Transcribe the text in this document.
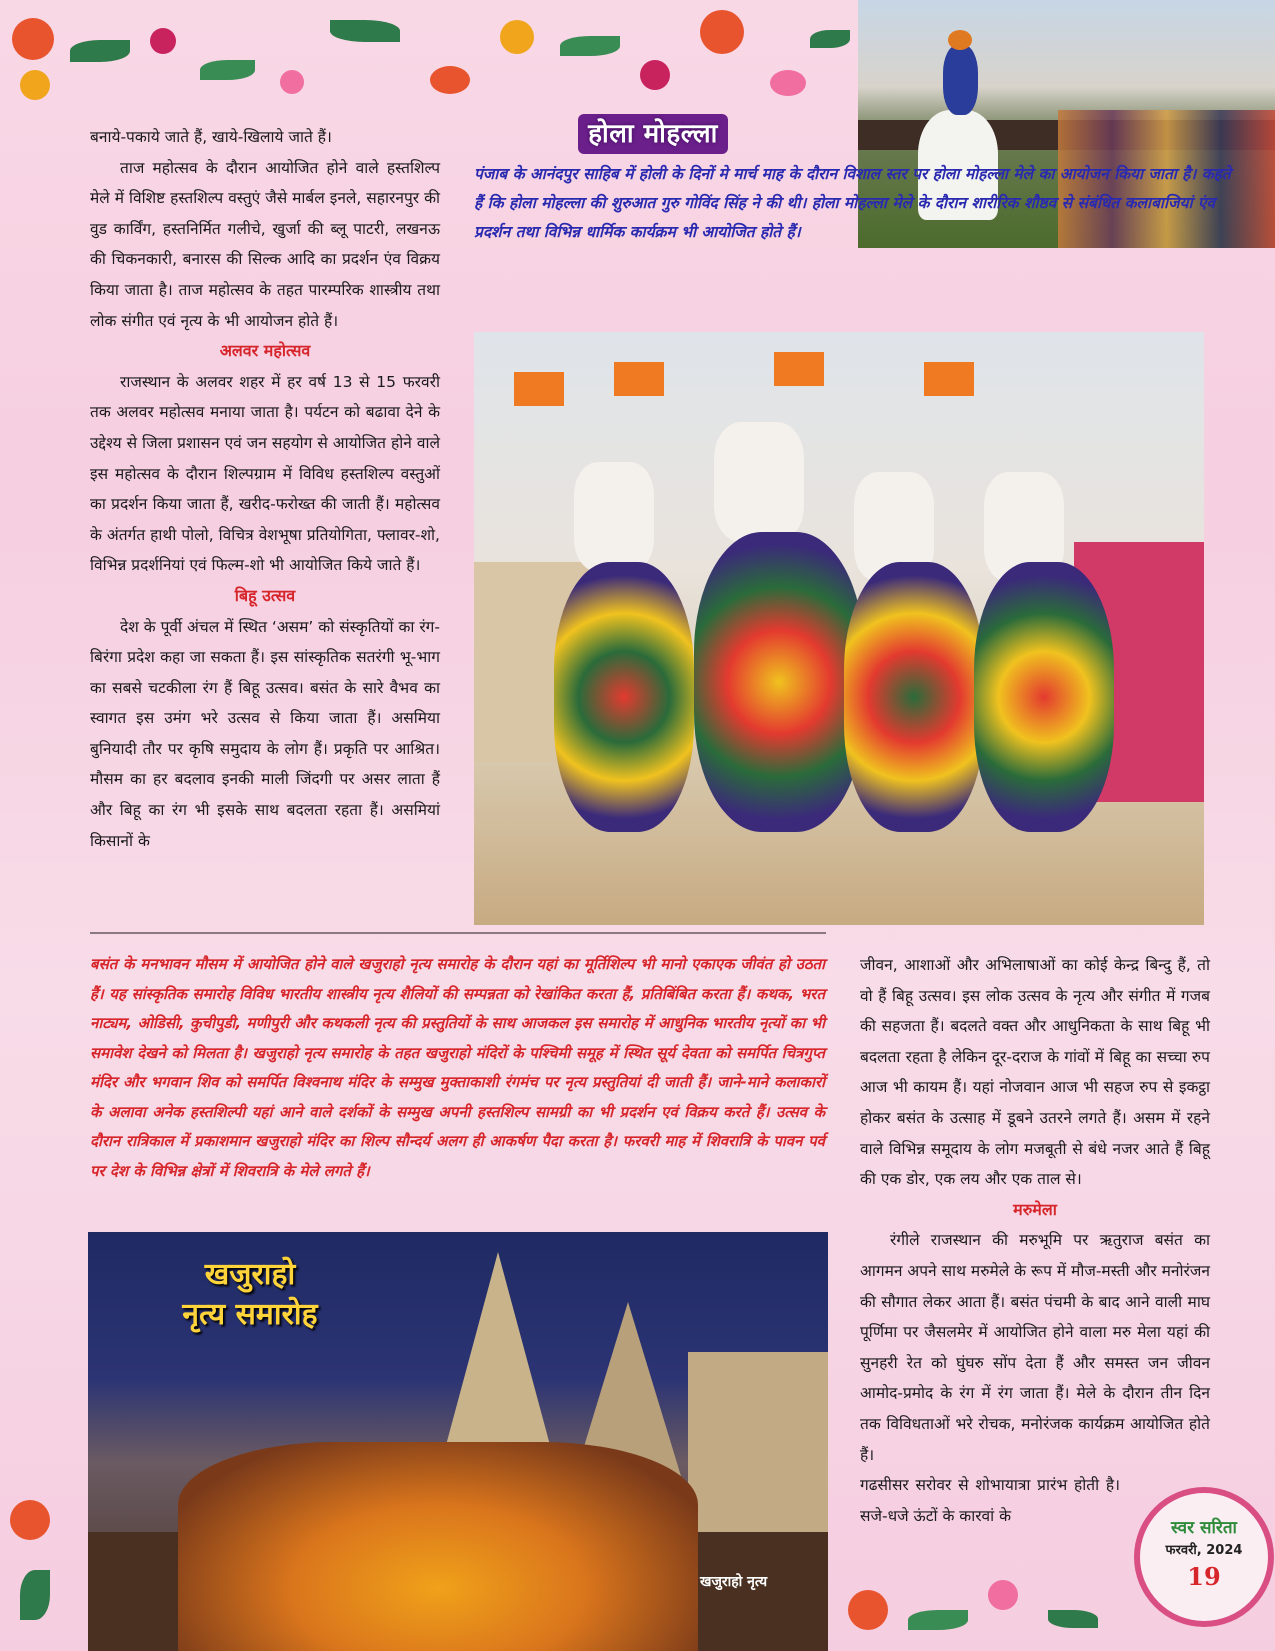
होला मोहल्ला
पंजाब के आनंदपुर साहिब में होली के दिनों मे मार्च माह के दौरान विशाल स्तर पर होला मोहल्ला मेले का आयोजन किया जाता है। कहते हैं कि होला मोहल्ला की शुरुआत गुरु गोविंद सिंह ने की थी। होला मोहल्ला मेले के दौरान शारीरिक शौष्ठव से संबंधित कलाबाजियां एंव प्रदर्शन तथा विभिन्न धार्मिक कार्यक्रम भी आयोजित होते हैं।

बनाये-पकाये जाते हैं, खाये-खिलाये जाते हैं।

ताज महोत्सव के दौरान आयोजित होने वाले हस्तशिल्प मेले में विशिष्ट हस्तशिल्प वस्तुएं जैसे मार्बल इनले, सहारनपुर की वुड कार्विंग, हस्तनिर्मित गलीचे, खुर्जा की ब्लू पाटरी, लखनऊ की चिकनकारी, बनारस की सिल्क आदि का प्रदर्शन एंव विक्रय किया जाता है। ताज महोत्सव के तहत पारम्परिक शास्त्रीय तथा लोक संगीत एवं नृत्य के भी आयोजन होते हैं।

अलवर महोत्सव

राजस्थान के अलवर शहर में हर वर्ष 13 से 15 फरवरी तक अलवर महोत्सव मनाया जाता है। पर्यटन को बढावा देने के उद्देश्य से जिला प्रशासन एवं जन सहयोग से आयोजित होने वाले इस महोत्सव के दौरान शिल्पग्राम में विविध हस्तशिल्प वस्तुओं का प्रदर्शन किया जाता हैं, खरीद-फरोख्त की जाती हैं। महोत्सव के अंतर्गत हाथी पोलो, विचित्र वेशभूषा प्रतियोगिता, फ्लावर-शो, विभिन्न प्रदर्शनियां एवं फिल्म-शो भी आयोजित किये जाते हैं।

बिहू उत्सव

देश के पूर्वी अंचल में स्थित ‘असम’ को संस्कृतियों का रंग-बिरंगा प्रदेश कहा जा सकता हैं। इस सांस्कृतिक सतरंगी भू-भाग का सबसे चटकीला रंग हैं बिहू उत्सव। बसंत के सारे वैभव का स्वागत इस उमंग भरे उत्सव से किया जाता हैं। असमिया बुनियादी तौर पर कृषि समुदाय के लोग हैं। प्रकृति पर आश्रित। मौसम का हर बदलाव इनकी माली जिंदगी पर असर लाता हैं और बिहू का रंग भी इसके साथ बदलता रहता हैं। असमियां किसानों के

बसंत के मनभावन मौसम में आयोजित होने वाले खजुराहो नृत्य समारोह के दौरान यहां का मूर्तिशिल्प भी मानो एकाएक जीवंत हो उठता हैं। यह सांस्कृतिक समारोह विविध भारतीय शास्त्रीय नृत्य शैलियों की सम्पन्नता को रेखांकित करता हैं, प्रतिबिंबित करता हैं। कथक, भरत नाट्यम, ओडिसी, कुचीपुडी, मणीपुरी और कथकली नृत्य की प्रस्तुतियों के साथ आजकल इस समारोह में आधुनिक भारतीय नृत्यों का भी समावेश देखने को मिलता है। खजुराहो नृत्य समारोह के तहत खजुराहो मंदिरों के पश्चिमी समूह में स्थित सूर्य देवता को समर्पित चित्रगुप्त मंदिर और भगवान शिव को समर्पित विश्वनाथ मंदिर के सम्मुख मुक्ताकाशी रंगमंच पर नृत्य प्रस्तुतियां दी जाती हैं। जाने-माने कलाकारों के अलावा अनेक हस्तशिल्पी यहां आने वाले दर्शकों के सम्मुख अपनी हस्तशिल्प सामग्री का भी प्रदर्शन एवं विक्रय करते हैं। उत्सव के दौरान रात्रिकाल में प्रकाशमान खजुराहो मंदिर का शिल्प सौन्दर्य अलग ही आकर्षण पैदा करता है। फरवरी माह में शिवरात्रि के पावन पर्व पर देश के विभिन्न क्षेत्रों में शिवरात्रि के मेले लगते हैं।
खजुराहो
नृत्य समारोह
खजुराहो नृत्य

जीवन, आशाओं और अभिलाषाओं का कोई केन्द्र बिन्दु हैं, तो वो हैं बिहू उत्सव। इस लोक उत्सव के नृत्य और संगीत में गजब की सहजता हैं। बदलते वक्त और आधुनिकता के साथ बिहू भी बदलता रहता है लेकिन दूर-दराज के गांवों में बिहू का सच्चा रुप आज भी कायम हैं। यहां नोजवान आज भी सहज रुप से इकट्ठा होकर बसंत के उत्साह में डूबने उतरने लगते हैं। असम में रहने वाले विभिन्न समूदाय के लोग मजबूती से बंधे नजर आते हैं बिहू की एक डोर, एक लय और एक ताल से।

मरुमेला

रंगीले राजस्थान की मरुभूमि पर ऋतुराज बसंत का आगमन अपने साथ मरुमेले के रूप में मौज-मस्ती और मनोरंजन की सौगात लेकर आता हैं। बसंत पंचमी के बाद आने वाली माघ पूर्णिमा पर जैसलमेर में आयोजित होने वाला मरु मेला यहां की सुनहरी रेत को घुंघरु सोंप देता हैं और समस्त जन जीवन आमोद-प्रमोद के रंग में रंग जाता हैं। मेले के दौरान तीन दिन तक विविधताओं भरे रोचक, मनोरंजक कार्यक्रम आयोजित होते हैं।

गढसीसर सरोवर से शोभायात्रा प्रारंभ होती है। सजे-धजे ऊंटों के कारवां के

स्वर सरिता
फरवरी, 2024
19
